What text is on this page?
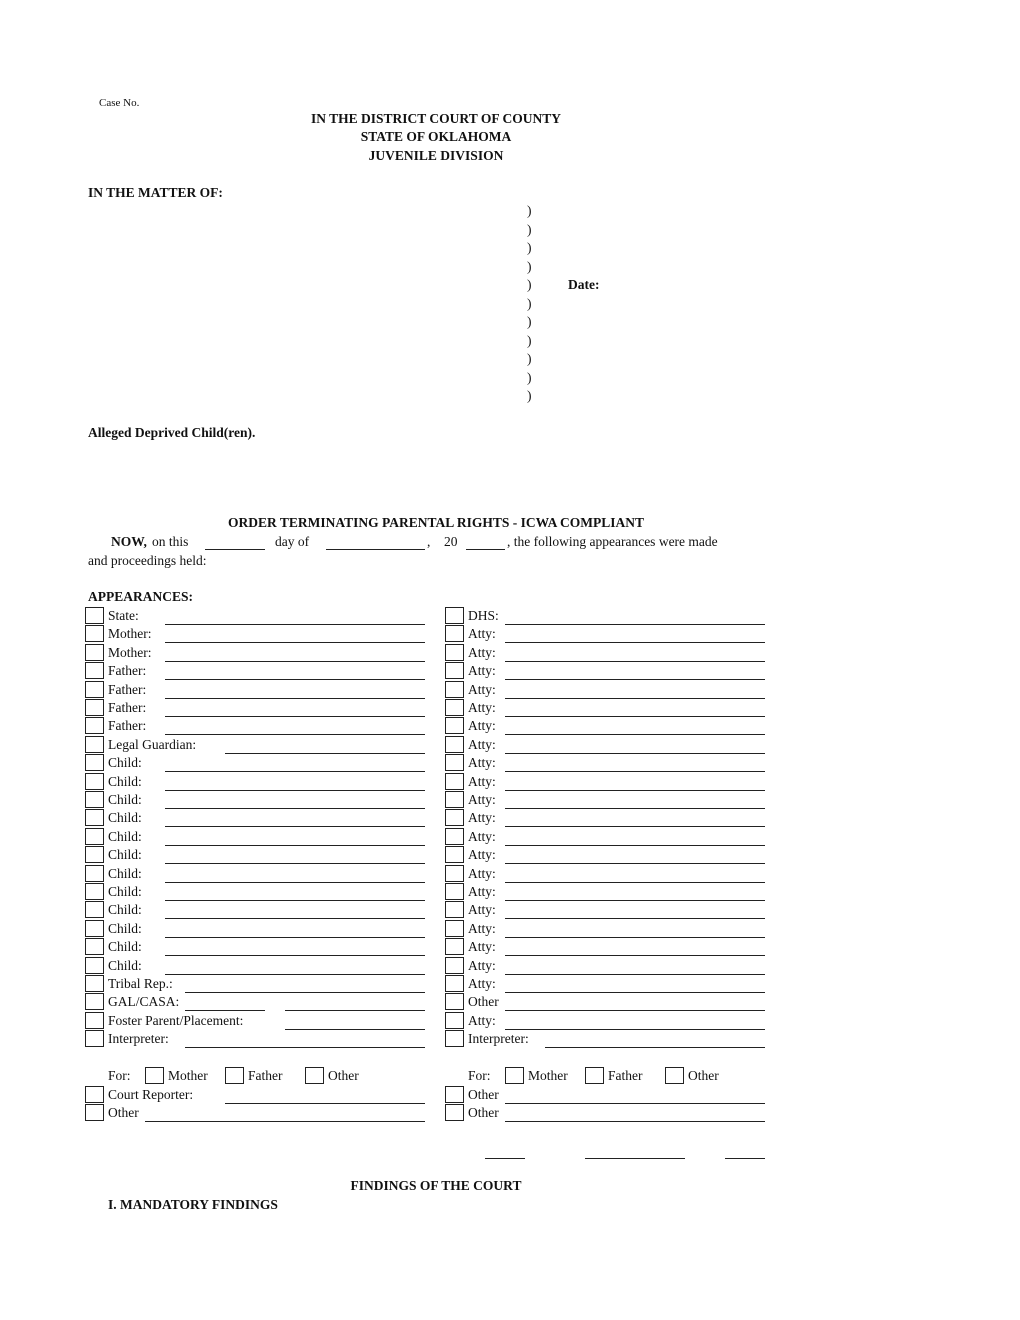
Case No.
IN THE DISTRICT COURT OF COUNTY
STATE OF OKLAHOMA
JUVENILE DIVISION
IN THE MATTER OF:
)
)
)
)
)
)
)
)
)
)
)
Date:
Alleged Deprived Child(ren).
ORDER TERMINATING PARENTAL RIGHTS - ICWA COMPLIANT
NOW, on this	day of	, 20	, the following appearances were made
and proceedings held:
APPEARANCES:
State:	DHS:
Mother:	Atty:
Mother:	Atty:
Father:	Atty:
Father:	Atty:
Father:	Atty:
Father:	Atty:
Legal Guardian:	Atty:
Child:	Atty:
Child:	Atty:
Child:	Atty:
Child:	Atty:
Child:	Atty:
Child:	Atty:
Child:	Atty:
Child:	Atty:
Child:	Atty:
Child:	Atty:
Child:	Atty:
Child:	Atty:
Tribal Rep.:	Atty:
GAL/CASA:	Other
Foster Parent/Placement:	Atty:
Interpreter:	Interpreter:
For:	Mother	Father	Other	For:	Mother	Father	Other
Court Reporter:	Other
Other	Other
FINDINGS OF THE COURT
I. MANDATORY FINDINGS
